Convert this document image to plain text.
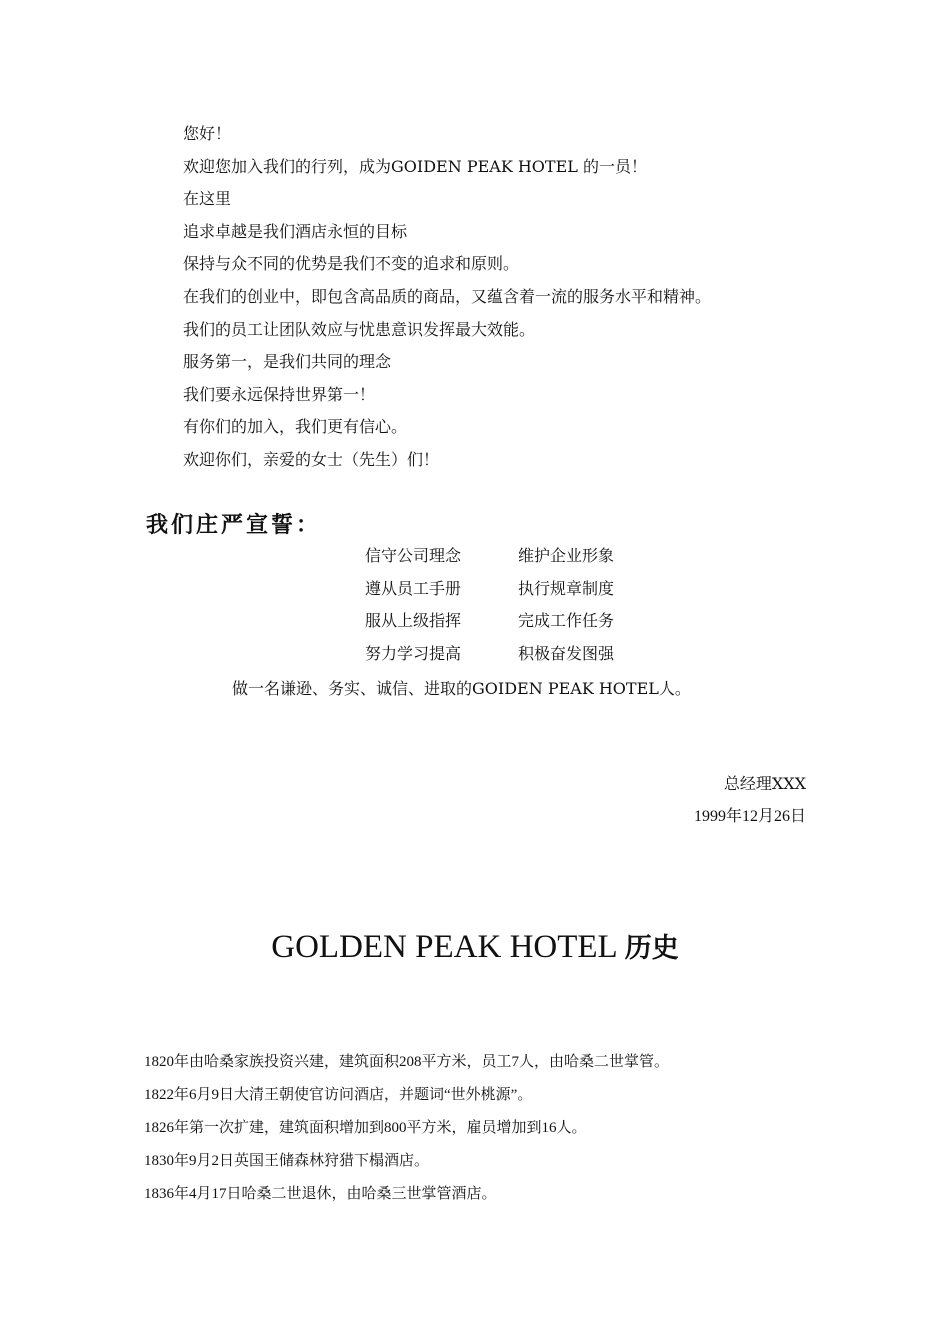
您好！
欢迎您加入我们的行列，成为GOIDEN PEAK HOTEL 的一员！
在这里
追求卓越是我们酒店永恒的目标
保持与众不同的优势是我们不变的追求和原则。
在我们的创业中，即包含高品质的商品，又蕴含着一流的服务水平和精神。
我们的员工让团队效应与忧患意识发挥最大效能。
服务第一，是我们共同的理念
我们要永远保持世界第一！
有你们的加入，我们更有信心。
欢迎你们，亲爱的女士（先生）们！
我们庄严宣誓：
信守公司理念	维护企业形象
遵从员工手册	执行规章制度
服从上级指挥	完成工作任务
努力学习提高	积极奋发图强
做一名谦逊、务实、诚信、进取的GOIDEN PEAK HOTEL人。
总经理XXX
1999年12月26日
GOLDEN PEAK HOTEL 历史
1820年由哈桑家族投资兴建，建筑面积208平方米，员工7人，由哈桑二世掌管。
1822年6月9日大清王朝使官访问酒店，并题词“世外桃源”。
1826年第一次扩建，建筑面积增加到800平方米，雇员增加到16人。
1830年9月2日英国王储森林狩猎下榻酒店。
1836年4月17日哈桑二世退休，由哈桑三世掌管酒店。
